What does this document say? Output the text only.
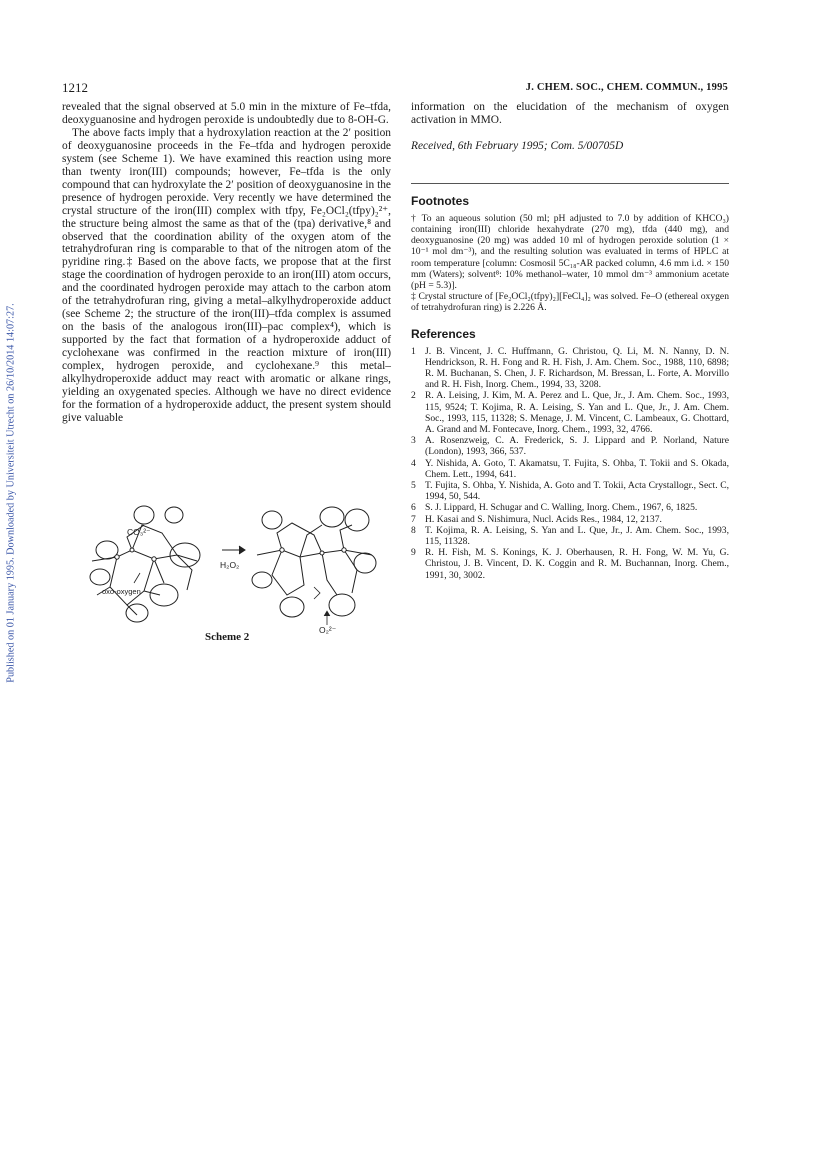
Published on 01 January 1995. Downloaded by Universiteit Utrecht on 26/10/2014 14:07:27.
1212	J. CHEM. SOC., CHEM. COMMUN., 1995

revealed that the signal observed at 5.0 min in the mixture of Fe–tfda, deoxyguanosine and hydrogen peroxide is undoubtedly due to 8-OH-G.

The above facts imply that a hydroxylation reaction at the 2′ position of deoxyguanosine proceeds in the Fe–tfda and hydrogen peroxide system (see Scheme 1). We have examined this reaction using more than twenty iron(III) compounds; however, Fe–tfda is the only compound that can hydroxylate the 2′ position of deoxyguanosine in the presence of hydrogen peroxide. Very recently we have determined the crystal structure of the iron(III) complex with tfpy, Fe₂OCl₂(tfpy)₂²⁺, the structure being almost the same as that of the (tpa) derivative,⁸ and observed that the coordination ability of the oxygen atom of the tetrahydrofuran ring is comparable to that of the nitrogen atom of the pyridine ring.‡ Based on the above facts, we propose that at the first stage the coordination of hydrogen peroxide to an iron(III) atom occurs, and the coordinated hydrogen peroxide may attach to the carbon atom of the tetrahydrofuran ring, giving a metal–alkylhydroperoxide adduct (see Scheme 2; the structure of the iron(III)–tfda complex is assumed on the basis of the analogous iron(III)–pac complex⁴), which is supported by the fact that formation of a hydroperoxide adduct of cyclohexane was confirmed in the reaction mixture of iron(III) complex, hydrogen peroxide, and cyclohexane.⁹ this metal–alkylhydroperoxide adduct may react with aromatic or alkane rings, yielding an oxygenated species. Although we have no direct evidence for the formation of a hydroperoxide adduct, the present system should give valuable

CO₃²⁻
oxo-oxygen
H₂O₂
O₂²⁻
Scheme 2

information on the elucidation of the mechanism of oxygen activation in MMO.

Received, 6th February 1995; Com. 5/00705D

Footnotes

† To an aqueous solution (50 ml; pH adjusted to 7.0 by addition of KHCO₃) containing iron(III) chloride hexahydrate (270 mg), tfda (440 mg), and deoxyguanosine (20 mg) was added 10 ml of hydrogen peroxide solution (1 × 10⁻¹ mol dm⁻³), and the resulting solution was evaluated in terms of HPLC at room temperature [column: Cosmosil 5C₁₈-AR packed column, 4.6 mm i.d. × 150 mm (Waters); solvent⁸: 10% methanol–water, 10 mmol dm⁻³ ammonium acetate (pH = 5.3)].

‡ Crystal structure of [Fe₂OCl₂(tfpy)₂][FeCl₄]₂ was solved. Fe–O (ethereal oxygen of tetrahydrofuran ring) is 2.226 Å.

References
1 J. B. Vincent, J. C. Huffmann, G. Christou, Q. Li, M. N. Nanny, D. N. Hendrickson, R. H. Fong and R. H. Fish, J. Am. Chem. Soc., 1988, 110, 6898; R. M. Buchanan, S. Chen, J. F. Richardson, M. Bressan, L. Forte, A. Morvillo and R. H. Fish, Inorg. Chem., 1994, 33, 3208.
2 R. A. Leising, J. Kim, M. A. Perez and L. Que, Jr., J. Am. Chem. Soc., 1993, 115, 9524; T. Kojima, R. A. Leising, S. Yan and L. Que, Jr., J. Am. Chem. Soc., 1993, 115, 11328; S. Menage, J. M. Vincent, C. Lambeaux, G. Chottard, A. Grand and M. Fontecave, Inorg. Chem., 1993, 32, 4766.
3 A. Rosenzweig, C. A. Frederick, S. J. Lippard and P. Norland, Nature (London), 1993, 366, 537.
4 Y. Nishida, A. Goto, T. Akamatsu, T. Fujita, S. Ohba, T. Tokii and S. Okada, Chem. Lett., 1994, 641.
5 T. Fujita, S. Ohba, Y. Nishida, A. Goto and T. Tokii, Acta Crystallogr., Sect. C, 1994, 50, 544.
6 S. J. Lippard, H. Schugar and C. Walling, Inorg. Chem., 1967, 6, 1825.
7 H. Kasai and S. Nishimura, Nucl. Acids Res., 1984, 12, 2137.
8 T. Kojima, R. A. Leising, S. Yan and L. Que, Jr., J. Am. Chem. Soc., 1993, 115, 11328.
9 R. H. Fish, M. S. Konings, K. J. Oberhausen, R. H. Fong, W. M. Yu, G. Christou, J. B. Vincent, D. K. Coggin and R. M. Buchannan, Inorg. Chem., 1991, 30, 3002.
